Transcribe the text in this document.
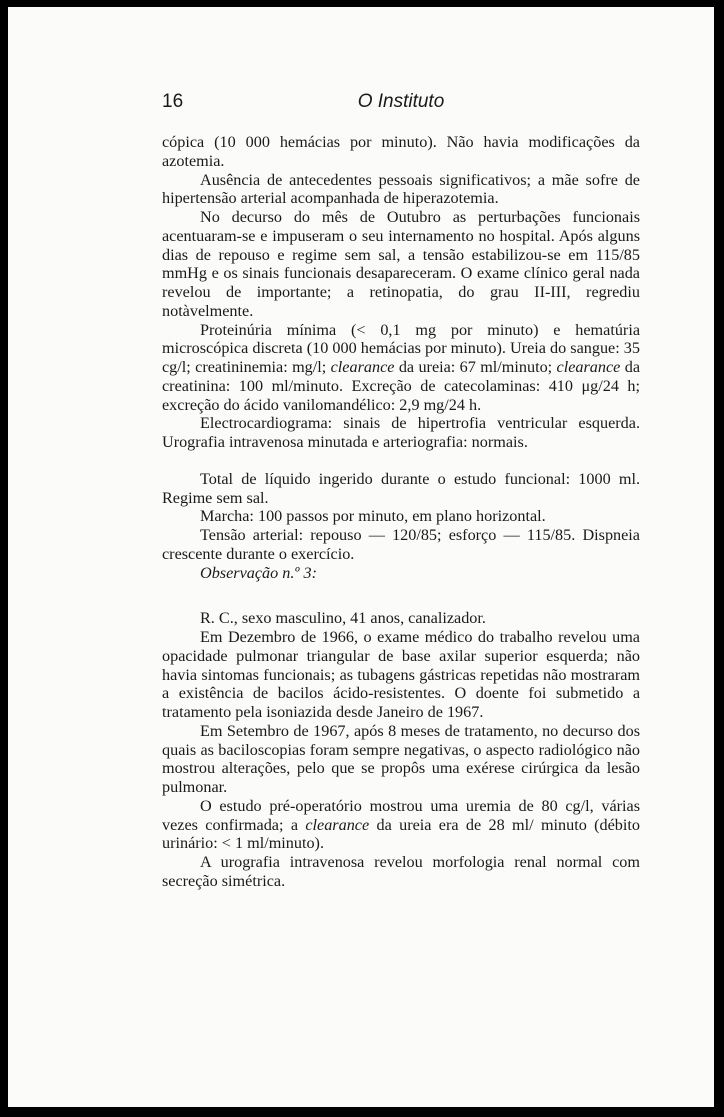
16	O Instituto

cópica (10 000 hemácias por minuto). Não havia modificações da azotemia.

Ausência de antecedentes pessoais significativos; a mãe sofre de hipertensão arterial acompanhada de hiperazotemia.

No decurso do mês de Outubro as perturbações funcionais acentuaram-se e impuseram o seu internamento no hospital. Após alguns dias de repouso e regime sem sal, a tensão estabilizou-se em 115/85 mmHg e os sinais funcionais desapareceram. O exame clínico geral nada revelou de importante; a retinopatia, do grau II-III, regrediu notàvelmente.

Proteinúria mínima (< 0,1 mg por minuto) e hematúria microscópica discreta (10 000 hemácias por minuto). Ureia do sangue: 35 cg/l; creatininemia: mg/l; clearance da ureia: 67 ml/minuto; clearance da creatinina: 100 ml/minuto. Excreção de catecolaminas: 410 μg/24 h; excreção do ácido vanilomandélico: 2,9 mg/24 h.

Electrocardiograma: sinais de hipertrofia ventricular esquerda. Urografia intravenosa minutada e arteriografia: normais.

Total de líquido ingerido durante o estudo funcional: 1000 ml. Regime sem sal.

Marcha: 100 passos por minuto, em plano horizontal.

Tensão arterial: repouso — 120/85; esforço — 115/85. Dispneia crescente durante o exercício.

Observação n.º 3:

R. C., sexo masculino, 41 anos, canalizador.

Em Dezembro de 1966, o exame médico do trabalho revelou uma opacidade pulmonar triangular de base axilar superior esquerda; não havia sintomas funcionais; as tubagens gástricas repetidas não mostraram a existência de bacilos ácido-resistentes. O doente foi submetido a tratamento pela isoniazida desde Janeiro de 1967.

Em Setembro de 1967, após 8 meses de tratamento, no decurso dos quais as baciloscopias foram sempre negativas, o aspecto radiológico não mostrou alterações, pelo que se propôs uma exérese cirúrgica da lesão pulmonar.

O estudo pré-operatório mostrou uma uremia de 80 cg/l, várias vezes confirmada; a clearance da ureia era de 28 ml/ minuto (débito urinário: < 1 ml/minuto).

A urografia intravenosa revelou morfologia renal normal com secreção simétrica.
